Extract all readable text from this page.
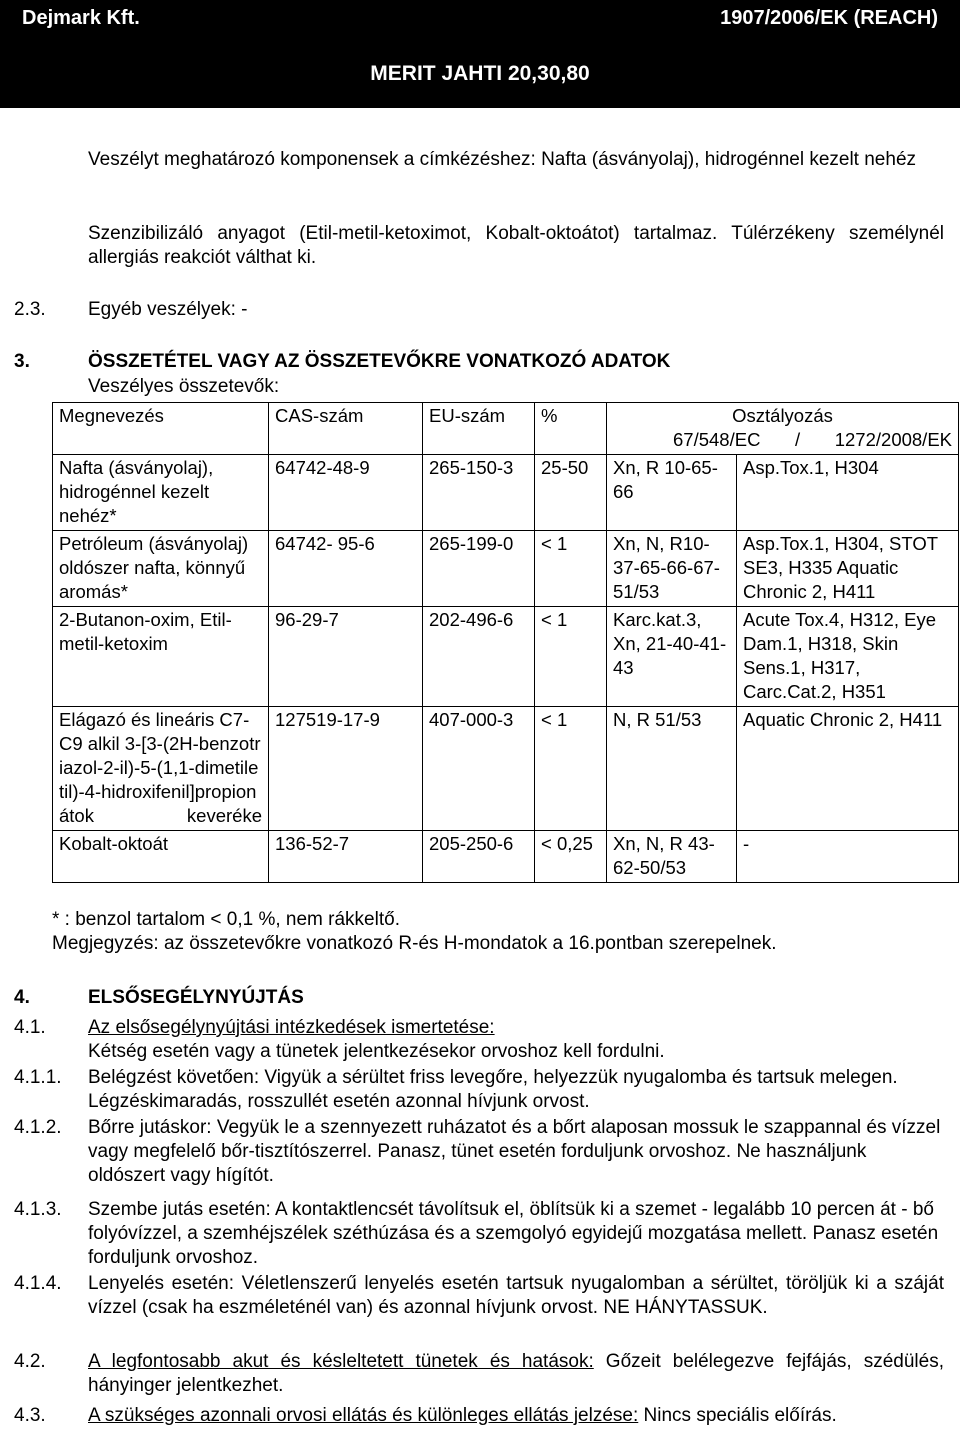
Dejmark Kft.	1907/2006/EK (REACH)
MERIT JAHTI 20,30,80
2/7
Veszélyt meghatározó komponensek a címkézéshez: Nafta (ásványolaj), hidrogénnel kezelt nehéz
Szenzibilizáló anyagot (Etil-metil-ketoximot, Kobalt-oktoátot) tartalmaz. Túlérzékeny személynél allergiás reakciót válthat ki.
2.3. Egyéb veszélyek: -
3.	ÖSSZETÉTEL VAGY AZ ÖSSZETEVŐKRE VONATKOZÓ ADATOK
Veszélyes összetevők:
Megnevezés	CAS-szám	EU-szám	%	Osztályozás
67/548/EC / 1272/2008/EK	

Nafta (ásványolaj), hidrogénnel kezelt nehéz*	64742-48-9	265-150-3	25-50	Xn, R 10-65-66	Asp.Tox.1, H304
Petróleum (ásványolaj) oldószer nafta, könnyű aromás*	64742- 95-6	265-199-0	< 1	Xn, N, R10-37-65-66-67-51/53	Asp.Tox.1, H304, STOT SE3, H335 Aquatic Chronic 2, H411
2-Butanon-oxim, Etil-metil-ketoxim	96-29-7	202-496-6	< 1	Karc.kat.3, Xn, 21-40-41-43	Acute Tox.4, H312, Eye Dam.1, H318, Skin Sens.1, H317, Carc.Cat.2, H351
Elágazó és lineáris C7-C9 alkil 3-[3-(2H-benzotriazol-2-il)-5-(1,1-dimetiletil)-4-hidroxifenil]propionátok keveréke	127519-17-9	407-000-3	< 1	N, R 51/53	Aquatic Chronic 2, H411
Kobalt-oktoát	136-52-7	205-250-6	< 0,25	Xn, N, R 43-62-50/53	-
* : benzol tartalom < 0,1 %, nem rákkeltő.
Megjegyzés: az összetevőkre vonatkozó R-és H-mondatok a 16.pontban szerepelnek.
4.	ELSŐSEGÉLYNYÚJTÁS
4.1. Az elsősegélynyújtási intézkedések ismertetése:
Kétség esetén vagy a tünetek jelentkezésekor orvoshoz kell fordulni.
4.1.1. Belégzést követően: Vigyük a sérültet friss levegőre, helyezzük nyugalomba és tartsuk melegen. Légzéskimaradás, rosszullét esetén azonnal hívjunk orvost.
4.1.2. Bőrre jutáskor: Vegyük le a szennyezett ruházatot és a bőrt alaposan mossuk le szappannal és vízzel vagy megfelelő bőr-tisztítószerrel. Panasz, tünet esetén forduljunk orvoshoz. Ne használjunk oldószert vagy hígítót.
4.1.3. Szembe jutás esetén: A kontaktlencsét távolítsuk el, öblítsük ki a szemet - legalább 10 percen át - bő folyóvízzel, a szemhéjszélek széthúzása és a szemgolyó egyidejű mozgatása mellett. Panasz esetén forduljunk orvoshoz.
4.1.4. Lenyelés esetén: Véletlenszerű lenyelés esetén tartsuk nyugalomban a sérültet, töröljük ki a száját vízzel (csak ha eszméleténél van) és azonnal hívjunk orvost. NE HÁNYTASSUK.
4.2. A legfontosabb akut és késleltetett tünetek és hatások: Gőzeit belélegezve fejfájás, szédülés, hányinger jelentkezhet.
4.3. A szükséges azonnali orvosi ellátás és különleges ellátás jelzése: Nincs speciális előírás.
